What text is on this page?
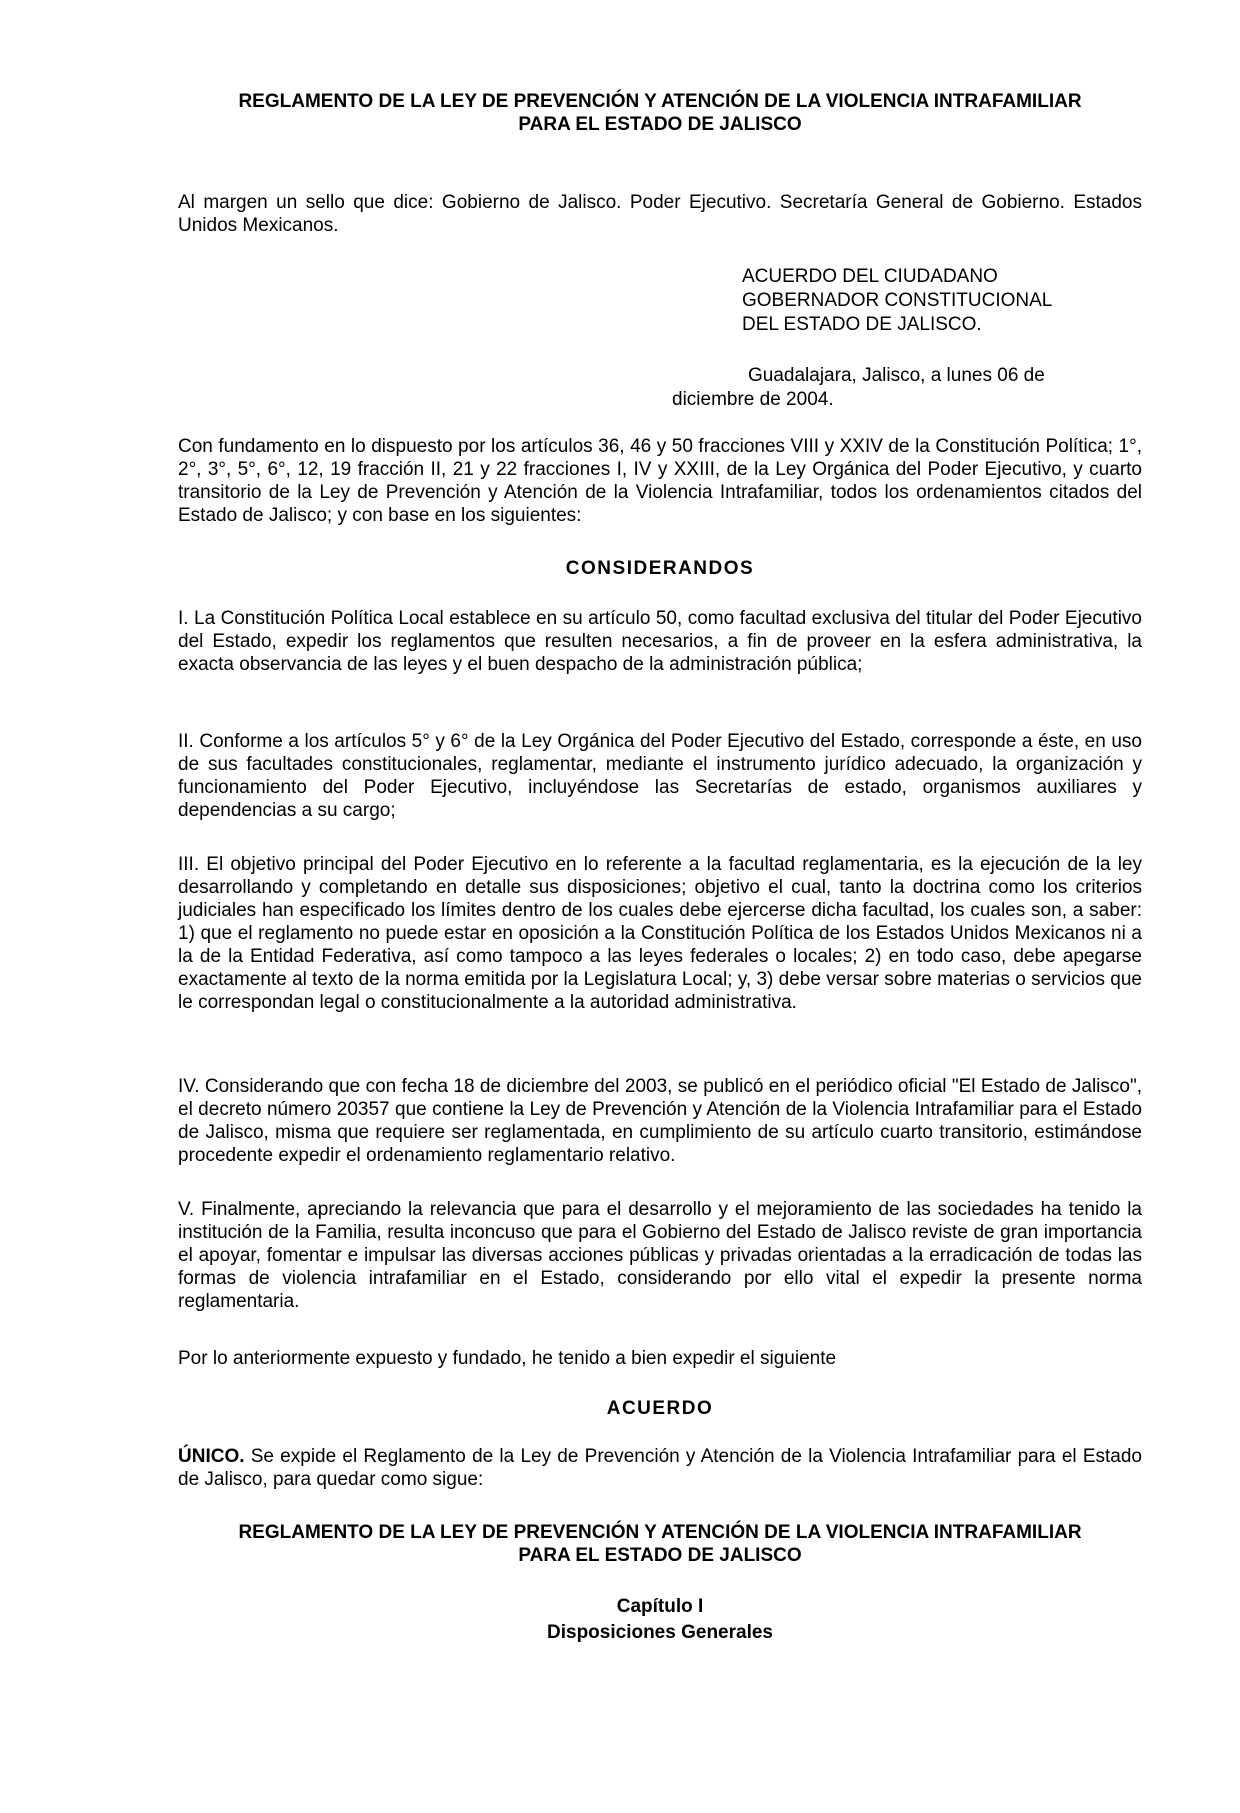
REGLAMENTO DE LA LEY DE PREVENCIÓN Y ATENCIÓN DE LA VIOLENCIA INTRAFAMILIAR
PARA EL ESTADO DE JALISCO

Al margen un sello que dice: Gobierno de Jalisco. Poder Ejecutivo. Secretaría General de Gobierno. Estados Unidos Mexicanos.

ACUERDO DEL CIUDADANO
GOBERNADOR CONSTITUCIONAL
DEL ESTADO DE JALISCO.
Guadalajara, Jalisco, a lunes 06 de
diciembre de 2004.

Con fundamento en lo dispuesto por los artículos 36, 46 y 50 fracciones VIII y XXIV de la Constitución Política; 1°, 2°, 3°, 5°, 6°, 12, 19 fracción II, 21 y 22 fracciones I, IV y XXIII, de la Ley Orgánica del Poder Ejecutivo, y cuarto transitorio de la Ley de Prevención y Atención de la Violencia Intrafamiliar, todos los ordenamientos citados del Estado de Jalisco; y con base en los siguientes:

CONSIDERANDOS

I. La Constitución Política Local establece en su artículo 50, como facultad exclusiva del titular del Poder Ejecutivo del Estado, expedir los reglamentos que resulten necesarios, a fin de proveer en la esfera administrativa, la exacta observancia de las leyes y el buen despacho de la administración pública;

II. Conforme a los artículos 5° y 6° de la Ley Orgánica del Poder Ejecutivo del Estado, corresponde a éste, en uso de sus facultades constitucionales, reglamentar, mediante el instrumento jurídico adecuado, la organización y funcionamiento del Poder Ejecutivo, incluyéndose las Secretarías de estado, organismos auxiliares y dependencias a su cargo;

III. El objetivo principal del Poder Ejecutivo en lo referente a la facultad reglamentaria, es la ejecución de la ley desarrollando y completando en detalle sus disposiciones; objetivo el cual, tanto la doctrina como los criterios judiciales han especificado los límites dentro de los cuales debe ejercerse dicha facultad, los cuales son, a saber: 1) que el reglamento no puede estar en oposición a la Constitución Política de los Estados Unidos Mexicanos ni a la de la Entidad Federativa, así como tampoco a las leyes federales o locales; 2) en todo caso, debe apegarse exactamente al texto de la norma emitida por la Legislatura Local; y, 3) debe versar sobre materias o servicios que le correspondan legal o constitucionalmente a la autoridad administrativa.

IV. Considerando que con fecha 18 de diciembre del 2003, se publicó en el periódico oficial "El Estado de Jalisco", el decreto número 20357 que contiene la Ley de Prevención y Atención de la Violencia Intrafamiliar para el Estado de Jalisco, misma que requiere ser reglamentada, en cumplimiento de su artículo cuarto transitorio, estimándose procedente expedir el ordenamiento reglamentario relativo.

V. Finalmente, apreciando la relevancia que para el desarrollo y el mejoramiento de las sociedades ha tenido la institución de la Familia, resulta inconcuso que para el Gobierno del Estado de Jalisco reviste de gran importancia el apoyar, fomentar e impulsar las diversas acciones públicas y privadas orientadas a la erradicación de todas las formas de violencia intrafamiliar en el Estado, considerando por ello vital el expedir la presente norma reglamentaria.

Por lo anteriormente expuesto y fundado, he tenido a bien expedir el siguiente

ACUERDO

ÚNICO. Se expide el Reglamento de la Ley de Prevención y Atención de la Violencia Intrafamiliar para el Estado de Jalisco, para quedar como sigue:

REGLAMENTO DE LA LEY DE PREVENCIÓN Y ATENCIÓN DE LA VIOLENCIA INTRAFAMILIAR
PARA EL ESTADO DE JALISCO
Capítulo I
Disposiciones Generales
